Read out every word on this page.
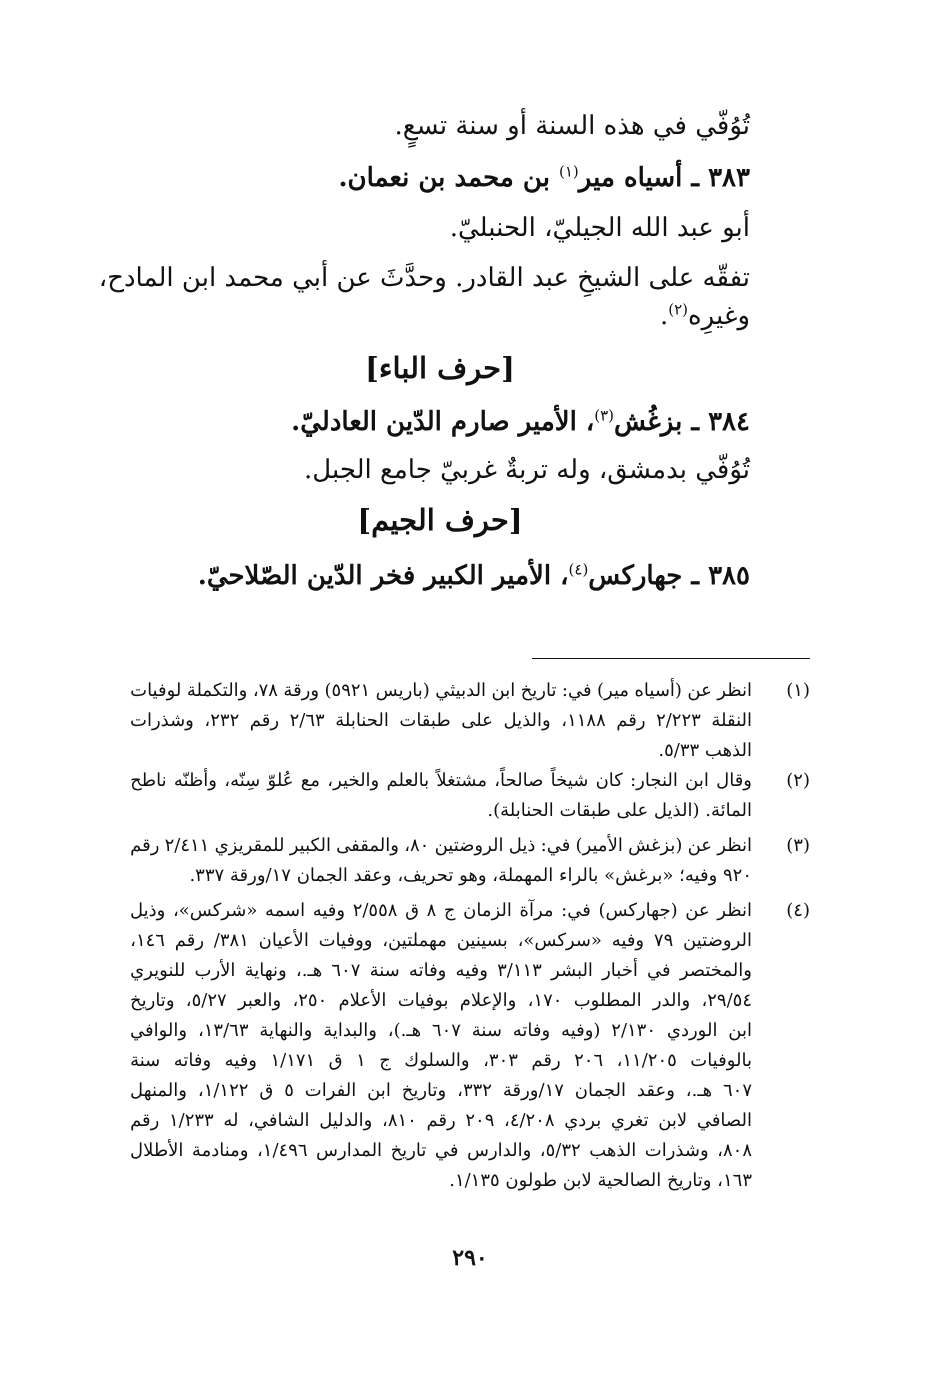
تُوُفّي في هذه السنة أو سنة تسعٍ.
٣٨٣ ـ أسياه مير$^{(١)}$ بن محمد بن نعمان.
أبو عبد الله الجيليّ، الحنبليّ.
تفقّه على الشيخِ عبد القادر. وحدَّثَ عن أبي محمد ابن المادح،
وغيرِه$^{(٢)}$.
[حرف الباء]
٣٨٤ ـ بزغُش$^{(٣)}$، الأمير صارم الدّين العادليّ.
تُوُفّي بدمشق، وله تربةٌ غربيّ جامع الجبل.
[حرف الجيم]
٣٨٥ ـ جهاركس$^{(٤)}$، الأمير الكبير فخر الدّين الصّلاحيّ.
(١)
انظر
عن
(أسياه
مير)
في:
تاريخ
ابن
الدبيثي
(باريس
٥٩٢١)
ورقة
٧٨،
والتكملة
لوفيات
النقلة
٢/٢٢٣
رقم
١١٨٨،
والذيل
على
طبقات
الحنابلة
٢/٦٣
رقم
٢٣٢،
وشذرات
الذهب ٥/٣٣.
(٢)
وقال
ابن
النجار:
كان
شيخاً
صالحاً،
مشتغلاً
بالعلم
والخير،
مع
عُلوّ
سِنّه،
وأظنّه
ناطح
المائة. (الذيل على طبقات الحنابلة).
(٣)
انظر
عن
(بزغش
الأمير)
في:
ذيل
الروضتين
٨٠،
والمقفى
الكبير
للمقريزي
٢/٤١١
رقم
٩٢٠ وفيه؛ «برغش» بالراء المهملة، وهو تحريف، وعقد الجمان ١٧/ورقة ٣٣٧.
(٤)
انظر
عن
(جهاركس)
في:
مرآة
الزمان
ج
٨
ق
٢/٥٥٨
وفيه
اسمه
«شركس»،
وذيل
الروضتين
٧٩
وفيه
«سركس»،
بسينين
مهملتين،
ووفيات
الأعيان
٣٨١/
رقم
١٤٦،
والمختصر
في
أخبار
البشر
٣/١١٣
وفيه
وفاته
سنة
٦٠٧
هـ.،
ونهاية
الأرب
للنويري
٢٩/٥٤،
والدر
المطلوب
١٧٠،
والإعلام
بوفيات
الأعلام
٢٥٠،
والعبر
٥/٢٧،
وتاريخ
ابن
الوردي
٢/١٣٠
(وفيه
وفاته
سنة
٦٠٧
هـ.)،
والبداية
والنهاية
١٣/٦٣،
والوافي
بالوفيات
١١/٢٠٥،
٢٠٦
رقم
٣٠٣،
والسلوك
ج
١
ق
١/١٧١
وفيه
وفاته
سنة
٦٠٧
هـ.،
وعقد
الجمان
١٧/ورقة
٣٣٢،
وتاريخ
ابن
الفرات
٥
ق
١/١٢٢،
والمنهل
الصافي
لابن
تغري
بردي
٤/٢٠٨،
٢٠٩
رقم
٨١٠،
والدليل
الشافي،
له
١/٢٣٣
رقم
٨٠٨،
وشذرات
الذهب
٥/٣٢،
والدارس
في
تاريخ
المدارس
١/٤٩٦،
ومنادمة
الأطلال
١٦٣، وتاريخ الصالحية لابن طولون ١/١٣٥.
٢٩٠
